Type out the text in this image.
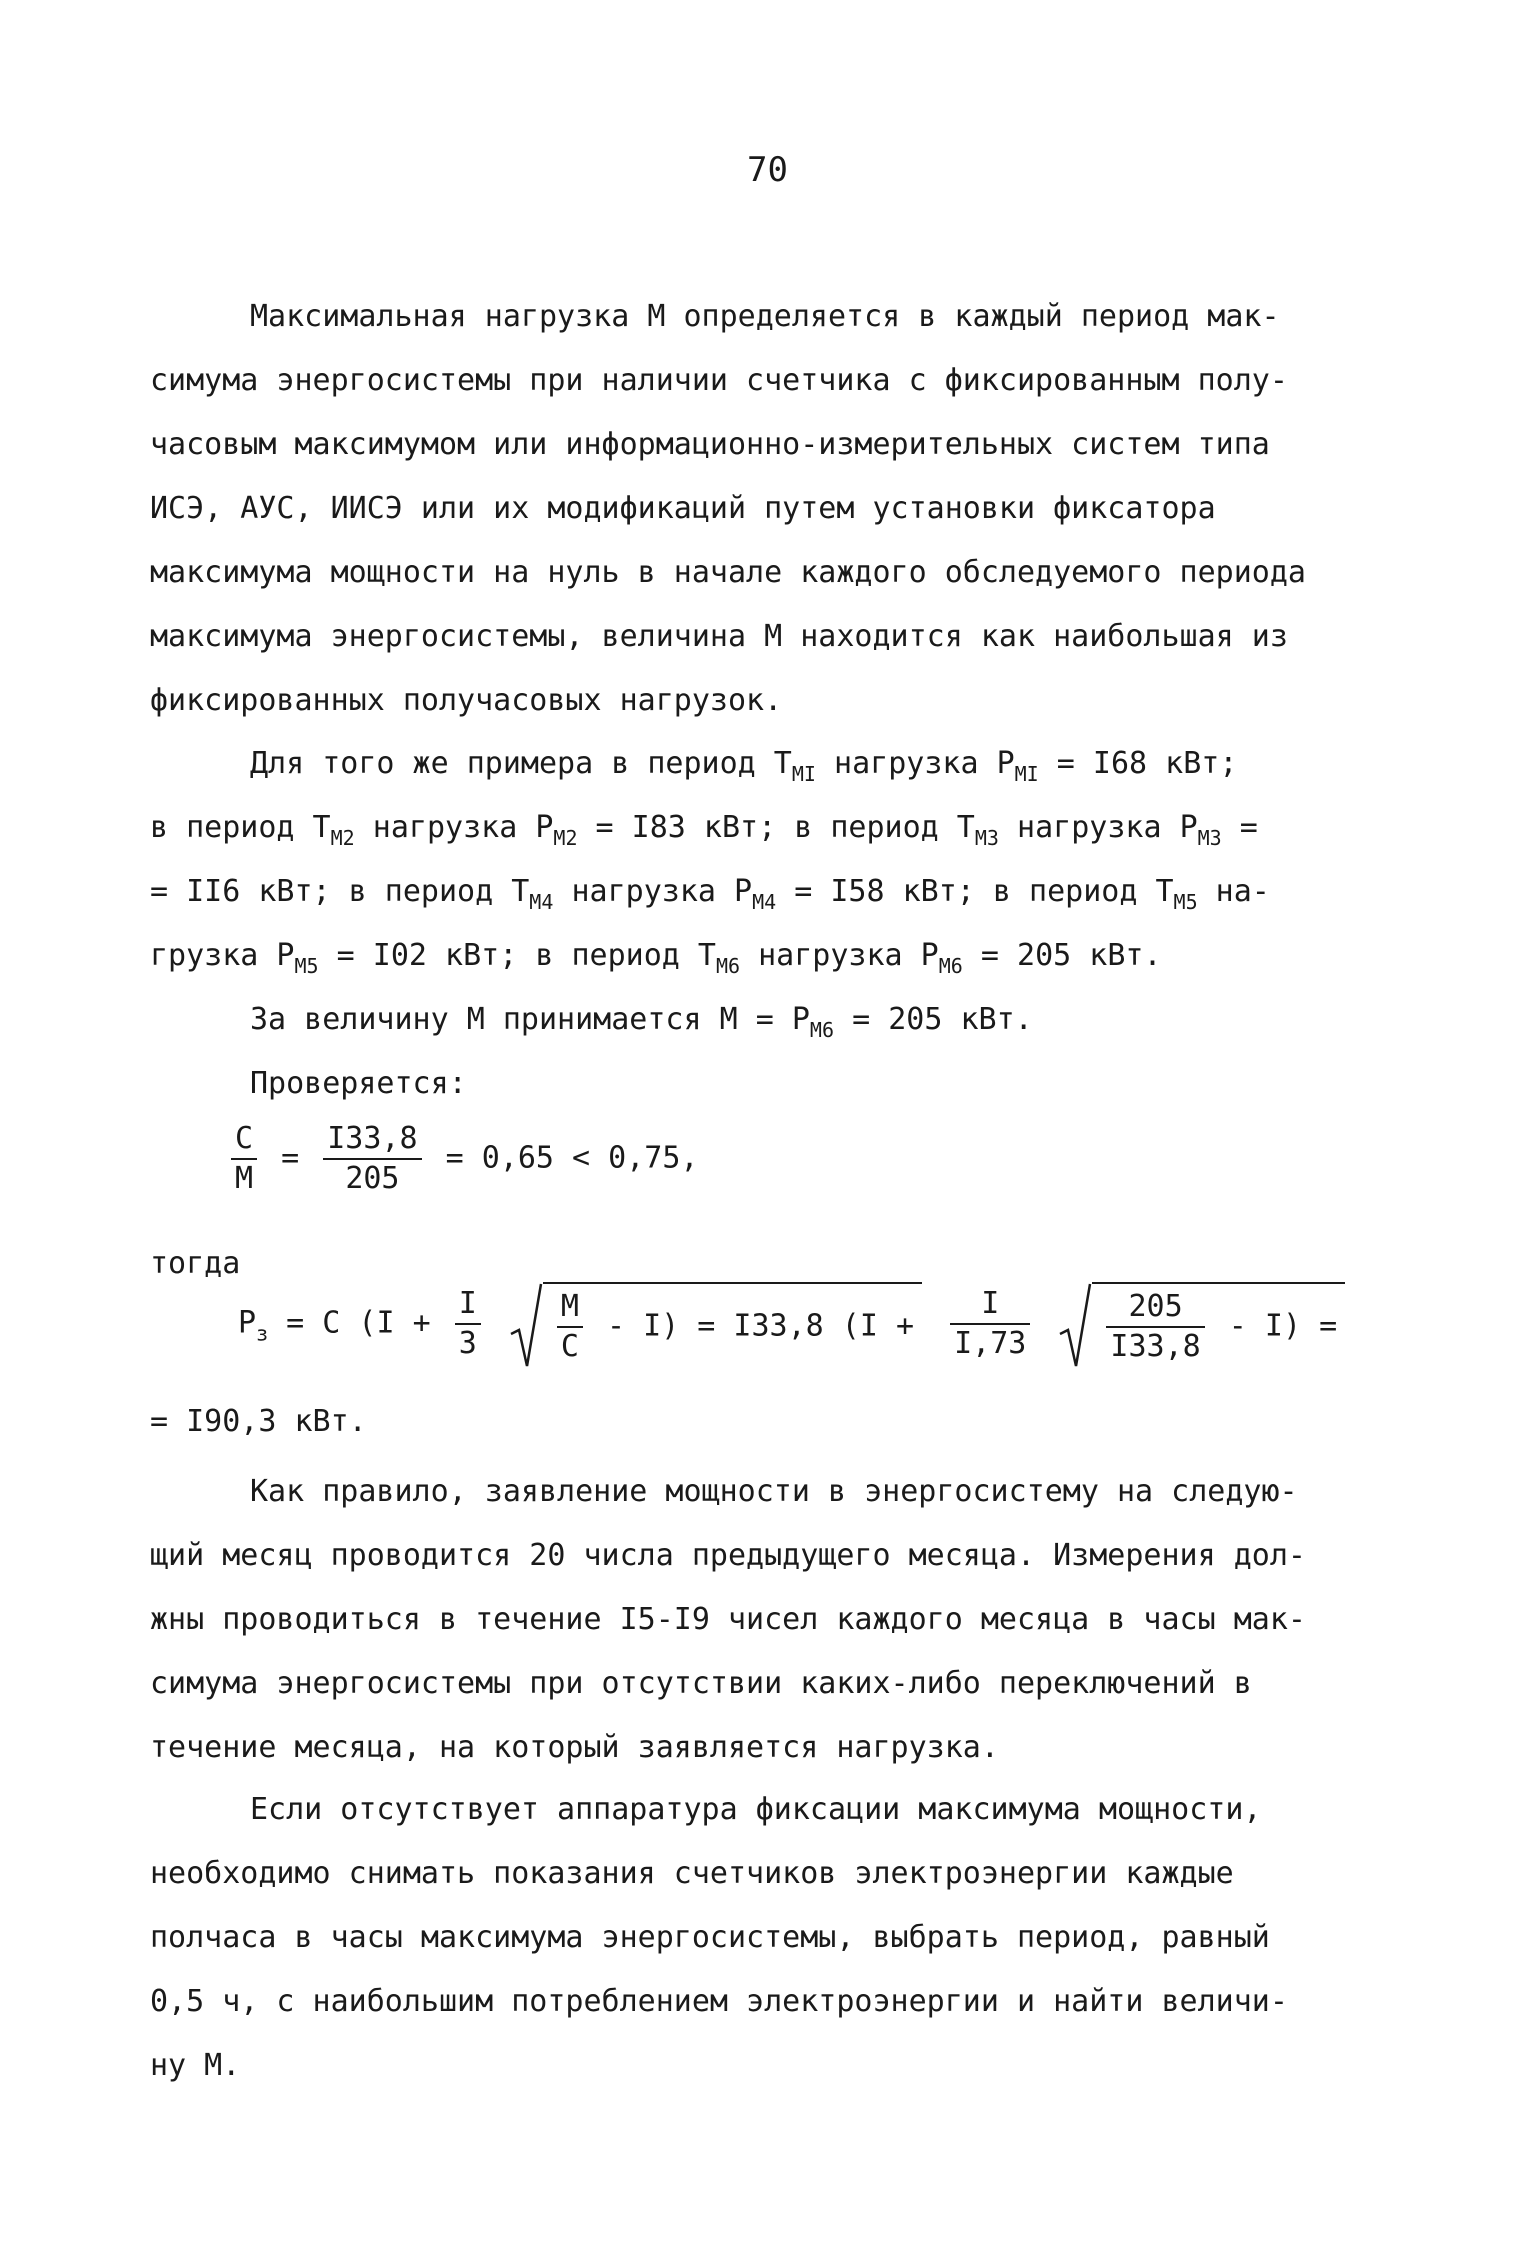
70
Максимальная нагрузка М определяется в каждый период мак-
симума энергосистемы при наличии счетчика с фиксированным полу-
часовым максимумом или информационно-измерительных систем типа
ИСЭ, АУС, ИИСЭ или их модификаций путем установки фиксатора
максимума мощности на нуль в начале каждого обследуемого периода
максимума энергосистемы, величина М находится как наибольшая из
фиксированных получасовых нагрузок.
Для того же примера в период $Т_{МI}$ нагрузка $Р_{МI} = I68$ кВт;
в период $Т_{М2}$ нагрузка $Р_{М2} = I83$ кВт; в период $Т_{М3}$ нагрузка $Р_{М3}$ =
= II6 кВт; в период $Т_{М4}$ нагрузка $Р_{М4} = I58$ кВт; в период $Т_{М5}$ на-
грузка $Р_{М5} = I02$ кВт; в период $Т_{М6}$ нагрузка $Р_{М6} = 205$ кВт.
За величину М принимается $М = Р_{М6} = 205$ кВт.
Проверяется:
$\frac{С}{М} = \frac{I33,8}{205} = 0,65 < 0,75$,
тогда
$Р_з = С$ ($I + \frac{I}{3}$
	$\frac{М}{С} - I) = I33,8$ ($I + \frac{I}{I,73}$
	$\frac{205}{I33,8} - I$) =
= I90,3 кВт.
Как правило, заявление мощности в энергосистему на следую-
щий месяц проводится 20 числа предыдущего месяца. Измерения дол-
жны проводиться в течение I5-I9 чисел каждого месяца в часы мак-
симума энергосистемы при отсутствии каких-либо переключений в
течение месяца, на который заявляется нагрузка.
Если отсутствует аппаратура фиксации максимума мощности,
необходимо снимать показания счетчиков электроэнергии каждые
полчаса в часы максимума энергосистемы, выбрать период, равный
0,5 ч, с наибольшим потреблением электроэнергии и найти величи-
ну М.
